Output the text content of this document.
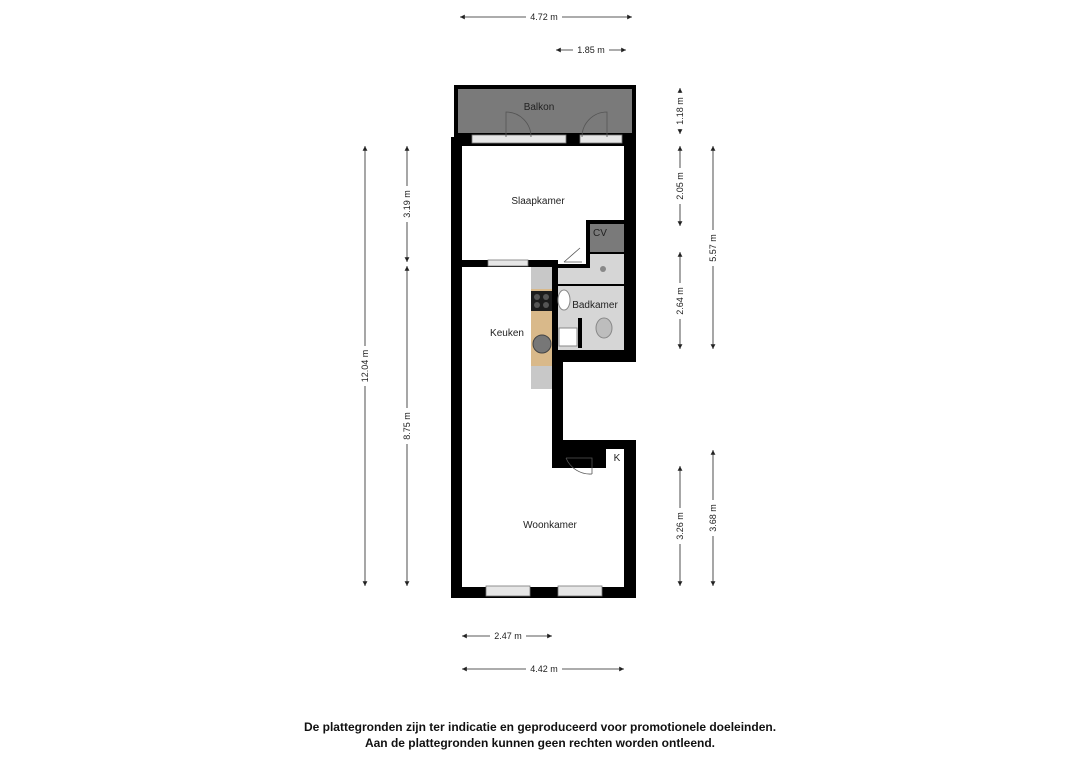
Balkon
Slaapkamer
CV
Badkamer
Keuken
K
Woonkamer
4.72 m
1.85 m
1.18 m
2.05 m
2.64 m
5.57 m
3.26 m	3.68 m
12.04 m
3.19 m
8.75 m
2.47 m
4.42 m
De plattegronden zijn ter indicatie en geproduceerd voor promotionele doeleinden.
Aan de plattegronden kunnen geen rechten worden ontleend.
